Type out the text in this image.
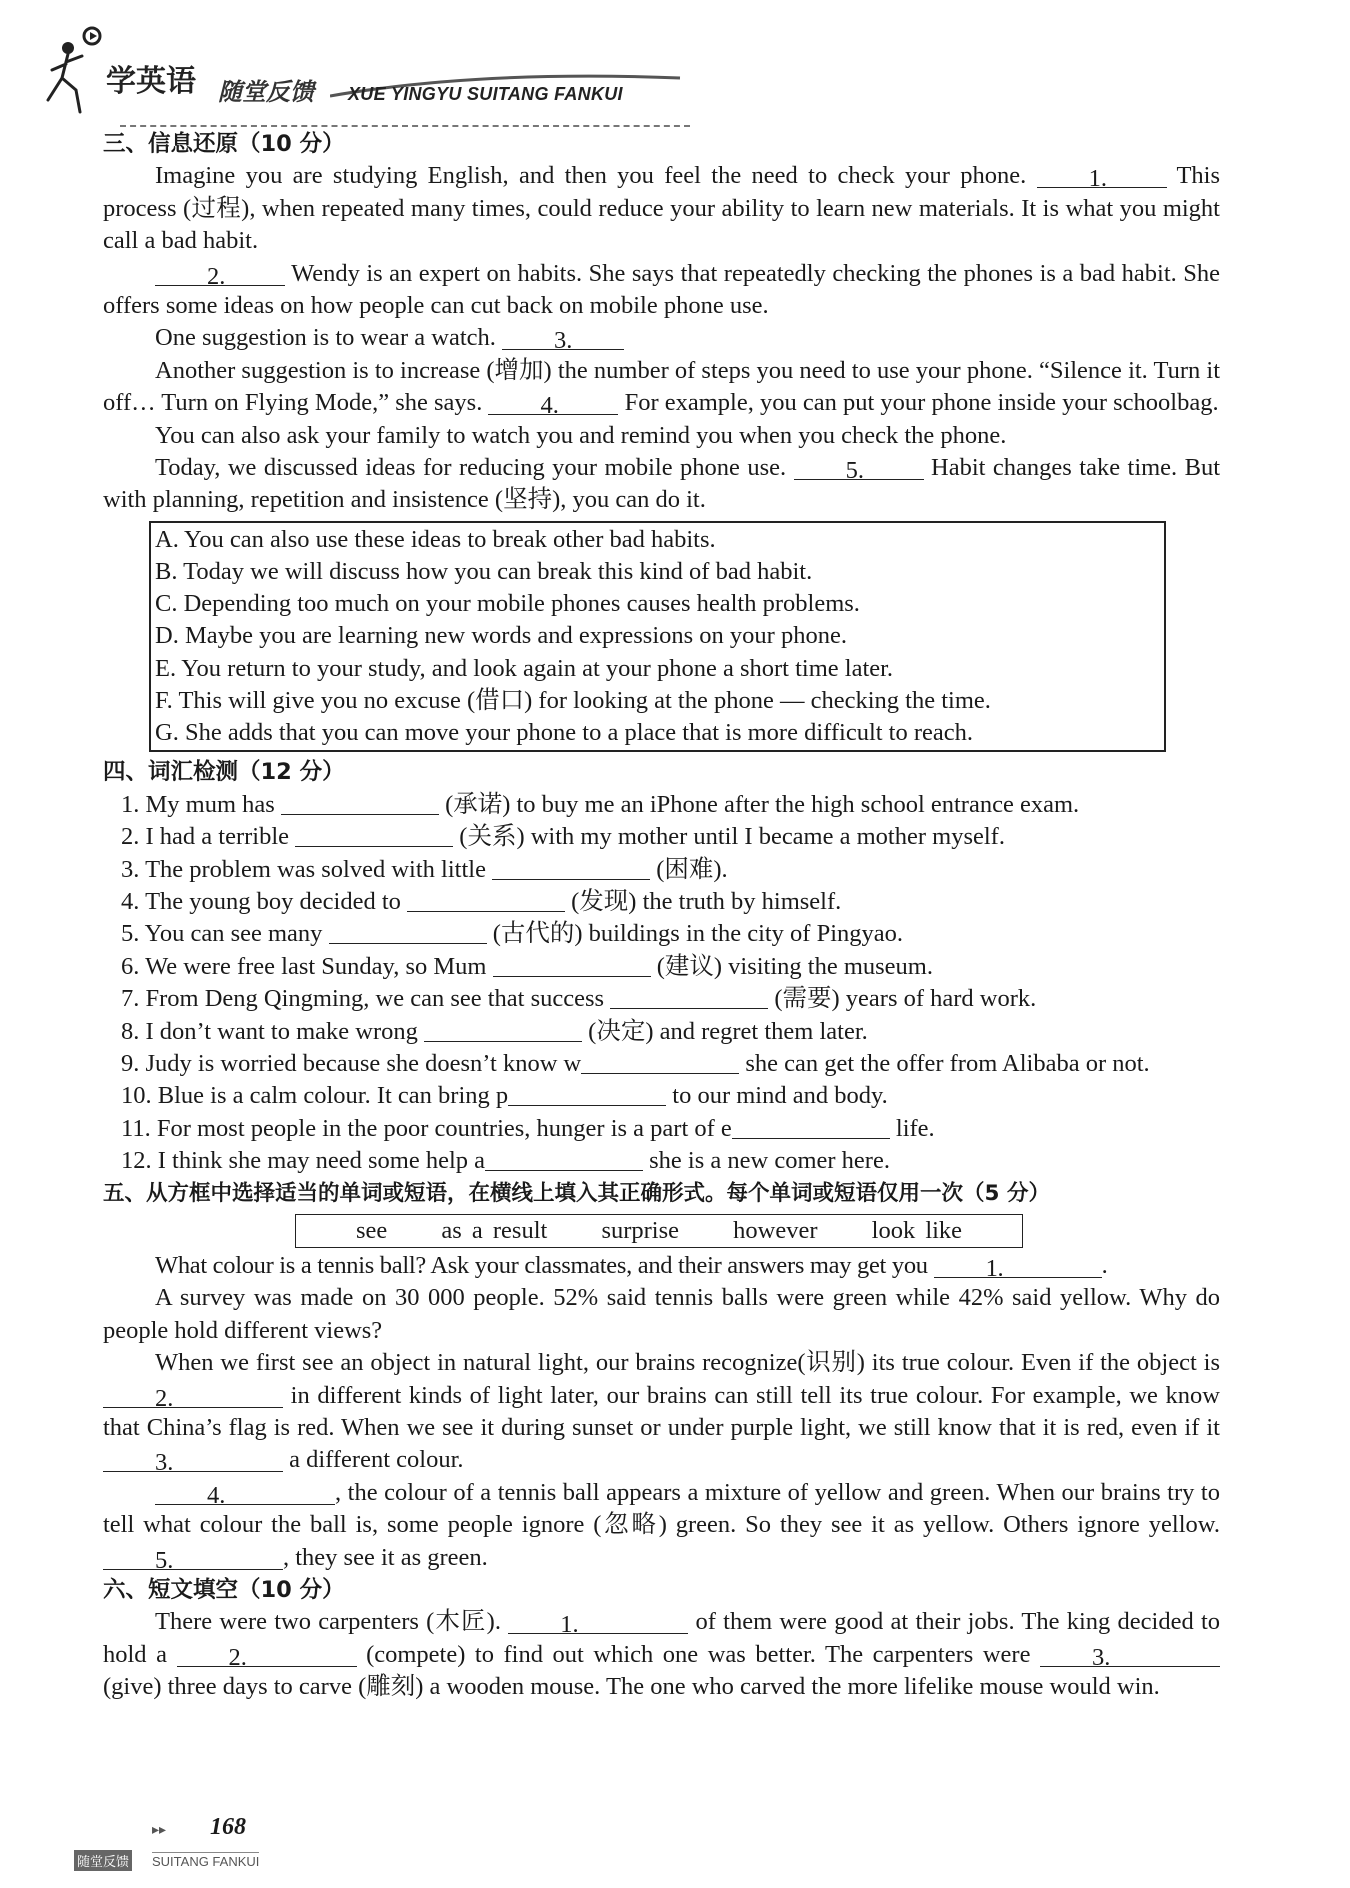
学英语 随堂反馈 XUE YINGYU SUITANG FANKUI
三、信息还原（10 分）
Imagine you are studying English, and then you feel the need to check your phone.	1.	This process (过程), when repeated many times, could reduce your ability to learn new materials. It is what you might call a bad habit.
2.	Wendy is an expert on habits. She says that repeatedly checking the phones is a bad habit. She offers some ideas on how people can cut back on mobile phone use.
One suggestion is to wear a watch. 3.
Another suggestion is to increase (增加) the number of steps you need to use your phone. “Silence it. Turn it off… Turn on Flying Mode,” she says. 4.	For example, you can put your phone inside your schoolbag.
You can also ask your family to watch you and remind you when you check the phone.
Today, we discussed ideas for reducing your mobile phone use. 5.	Habit changes take time. But with planning, repetition and insistence (坚持), you can do it.
A. You can also use these ideas to break other bad habits.
B. Today we will discuss how you can break this kind of bad habit.
C. Depending too much on your mobile phones causes health problems.
D. Maybe you are learning new words and expressions on your phone.
E. You return to your study, and look again at your phone a short time later.
F. This will give you no excuse (借口) for looking at the phone — checking the time.
G. She adds that you can move your phone to a place that is more difficult to reach.
四、词汇检测（12 分）
1. My mum has	(承诺) to buy me an iPhone after the high school entrance exam.
2. I had a terrible	(关系) with my mother until I became a mother myself.
3. The problem was solved with little	(困难).
4. The young boy decided to	(发现) the truth by himself.
5. You can see many	(古代的) buildings in the city of Pingyao.
6. We were free last Sunday, so Mum	(建议) visiting the museum.
7. From Deng Qingming, we can see that success	(需要) years of hard work.
8. I don’t want to make wrong	(决定) and regret them later.
9. Judy is worried because she doesn’t know w	she can get the offer from Alibaba or not.
10. Blue is a calm colour. It can bring p	to our mind and body.
11. For most people in the poor countries, hunger is a part of e	life.
12. I think she may need some help a	she is a new comer here.
五、从方框中选择适当的单词或短语，在横线上填入其正确形式。每个单词或短语仅用一次（5 分）
see as a result surprise however look like
What colour is a tennis ball? Ask your classmates, and their answers may get you 1.	.
A survey was made on 30 000 people. 52% said tennis balls were green while 42% said yellow. Why do people hold different views?
When we first see an object in natural light, our brains recognize(识别) its true colour. Even if the object is 2.	in different kinds of light later, our brains can still tell its true colour. For example, we know that China’s flag is red. When we see it during sunset or under purple light, we still know that it is red, even if it 3.	a different colour.
4.	, the colour of a tennis ball appears a mixture of yellow and green. When our brains try to tell what colour the ball is, some people ignore (忽略) green. So they see it as yellow. Others ignore yellow. 5.	, they see it as green.
六、短文填空（10 分）
There were two carpenters (木匠). 1.	of them were good at their jobs. The king decided to hold a	2.	(compete) to find out which one was better. The carpenters were	3. (give) three days to carve (雕刻) a wooden mouse. The one who carved the more lifelike mouse would win.
▸▸ 168
随堂反馈 SUITANG FANKUI
